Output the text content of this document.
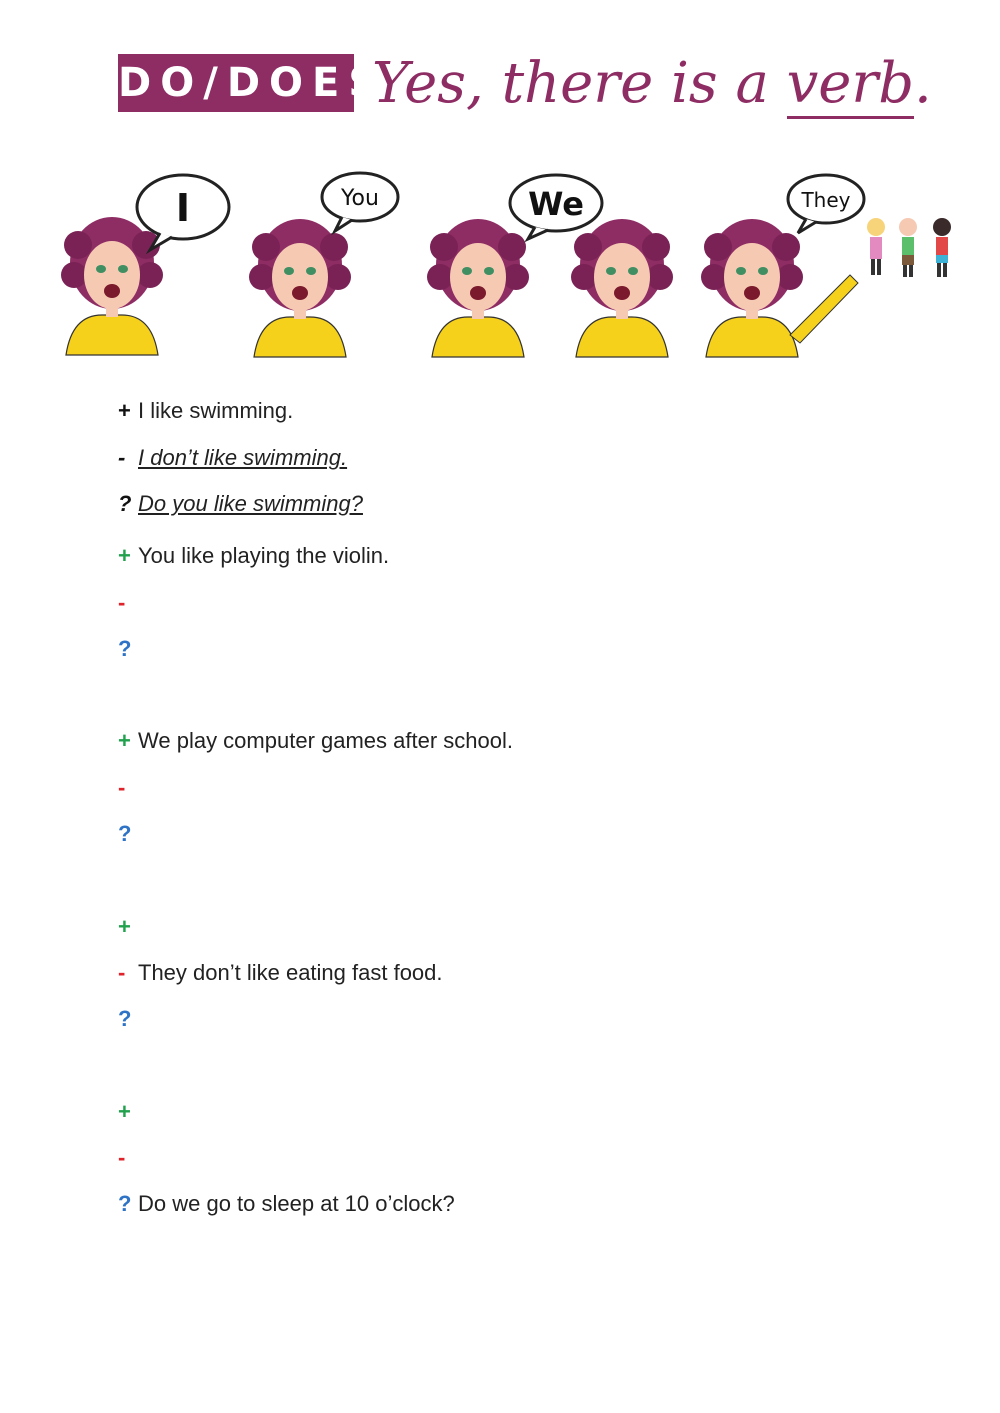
DO/DOES
Yes, there is a verb.
I	You	We	They
+ I like swimming.
- I don’t like swimming.
? Do you like swimming?
+ You like playing the violin.
-
?
+ We play computer games after school.
-
?
+
- They don’t like eating fast food.
?
+
-
? Do we go to sleep at 10 o’clock?
